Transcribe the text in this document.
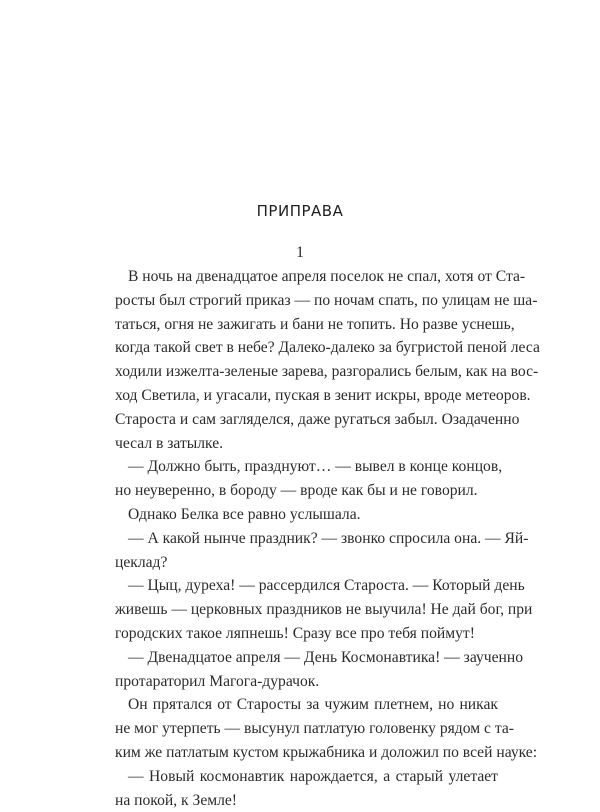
ПРИПРАВА
1
В ночь на двенадцатое апреля поселок не спал, хотя от Ста-
росты был строгий приказ — по ночам спать, по улицам не ша-
таться, огня не зажигать и бани не топить. Но разве уснешь,
когда такой свет в небе? Далеко-далеко за бугристой пеной леса
ходили изжелта-зеленые зарева, разгорались белым, как на вос-
ход Светила, и угасали, пуская в зенит искры, вроде метеоров.
Староста и сам загляделся, даже ругаться забыл. Озадаченно
чесал в затылке.
— Должно быть, празднуют… — вывел в конце концов,
но неуверенно, в бороду — вроде как бы и не говорил.
Однако Белка все равно услышала.
— А какой нынче праздник? — звонко спросила она. — Яй-
цеклад?
— Цыц, дуреха! — рассердился Староста. — Который день
живешь — церковных праздников не выучила! Не дай бог, при
городских такое ляпнешь! Сразу все про тебя поймут!
— Двенадцатое апреля — День Космонавтика! — заученно
протараторил Магога-дурачок.
Он прятался от Старосты за чужим плетнем, но никак
не мог утерпеть — высунул патлатую головенку рядом с та-
ким же патлатым кустом крыжабника и доложил по всей науке:
— Новый космонавтик нарождается, а старый улетает
на покой, к Земле!
